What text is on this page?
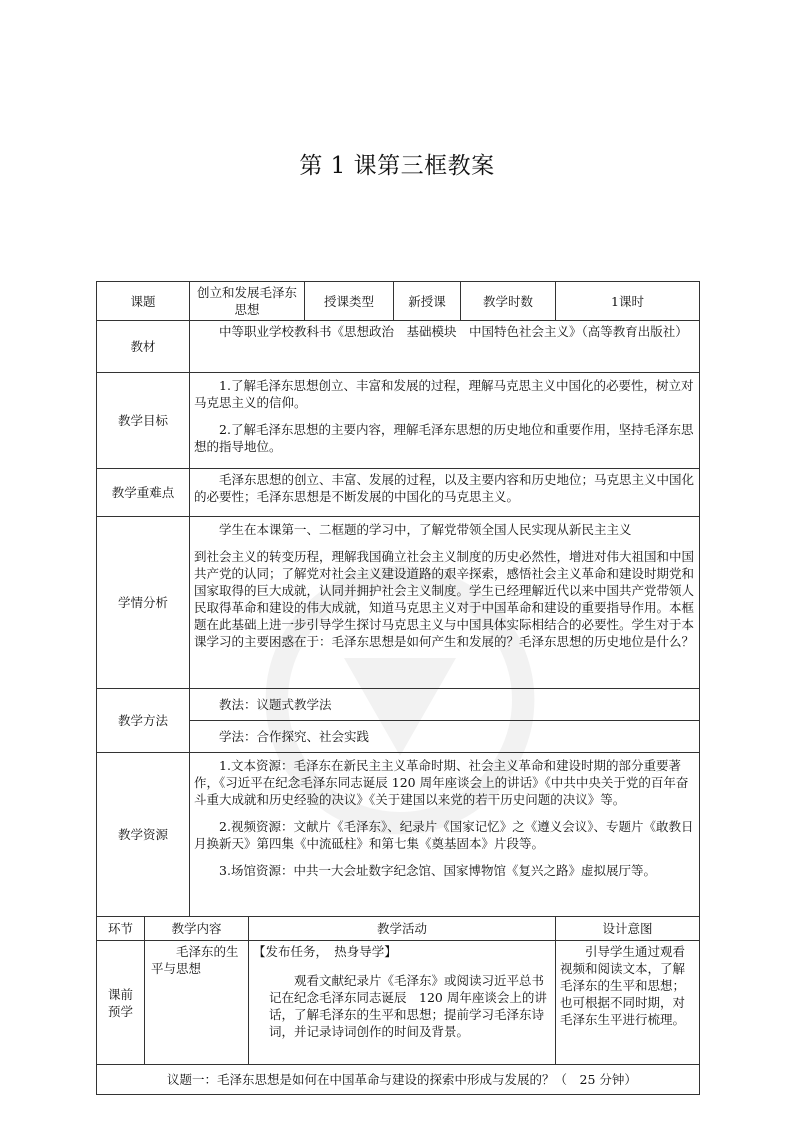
第 1 课第三框教案
课题		创立和发展毛泽东思想		授课类型	新授课	教学时数	1课时
教材		中等职业学校教科书《思想政治　基础模块　中国特色社会主义》（高等教育出版社）					

教学目标		1.了解毛泽东思想创立、丰富和发展的过程，理解马克思主义中国化的必要性，树立对马克思主义的信仰。

2.了解毛泽东思想的主要内容，理解毛泽东思想的历史地位和重要作用，坚持毛泽东思想的指导地位。					

教学重难点		毛泽东思想的创立、丰富、发展的过程，以及主要内容和历史地位；马克思主义中国化的必要性；毛泽东思想是不断发展的中国化的马克思主义。					

学情分析		学生在本课第一、二框题的学习中，了解党带领全国人民实现从新民主主义

到社会主义的转变历程，理解我国确立社会主义制度的历史必然性，增进对伟大祖国和中国共产党的认同；了解党对社会主义建设道路的艰辛探索，感悟社会主义革命和建设时期党和国家取得的巨大成就，认同并拥护社会主义制度。学生已经理解近代以来中国共产党带领人民取得革命和建设的伟大成就，知道马克思主义对于中国革命和建设的重要指导作用。本框题在此基础上进一步引导学生探讨马克思主义与中国具体实际相结合的必要性。学生对于本课学习的主要困惑在于：毛泽东思想是如何产生和发展的？毛泽东思想的历史地位是什么？					

教学方法		教法：议题式教学法					

		学法：合作探究、社会实践					

教学资源		1.文本资源：毛泽东在新民主主义革命时期、社会主义革命和建设时期的部分重要著作，《习近平在纪念毛泽东同志诞辰 120 周年座谈会上的讲话》《中共中央关于党的百年奋斗重大成就和历史经验的决议》《关于建国以来党的若干历史问题的决议》等。

2.视频资源：文献片《毛泽东》、纪录片《国家记忆》之《遵义会议》、专题片《敢教日月换新天》第四集《中流砥柱》和第七集《奠基固本》片段等。

3.场馆资源：中共一大会址数字纪念馆、国家博物馆《复兴之路》虚拟展厅等。					

环节	教学内容		教学活动				设计意图
课前预学	毛泽东的生平与思想		【发布任务，　热身导学】

观看文献纪录片《毛泽东》或阅读习近平总书记在纪念毛泽东同志诞辰　120 周年座谈会上的讲话，了解毛泽东的生平和思想；提前学习毛泽东诗词，并记录诗词创作的时间及背景。				引导学生通过观看视频和阅读文本，了解毛泽东的生平和思想；也可根据不同时期，对毛泽东生平进行梳理。

议题一：毛泽东思想是如何在中国革命与建设的探索中形成与发展的？（　25 分钟）							
